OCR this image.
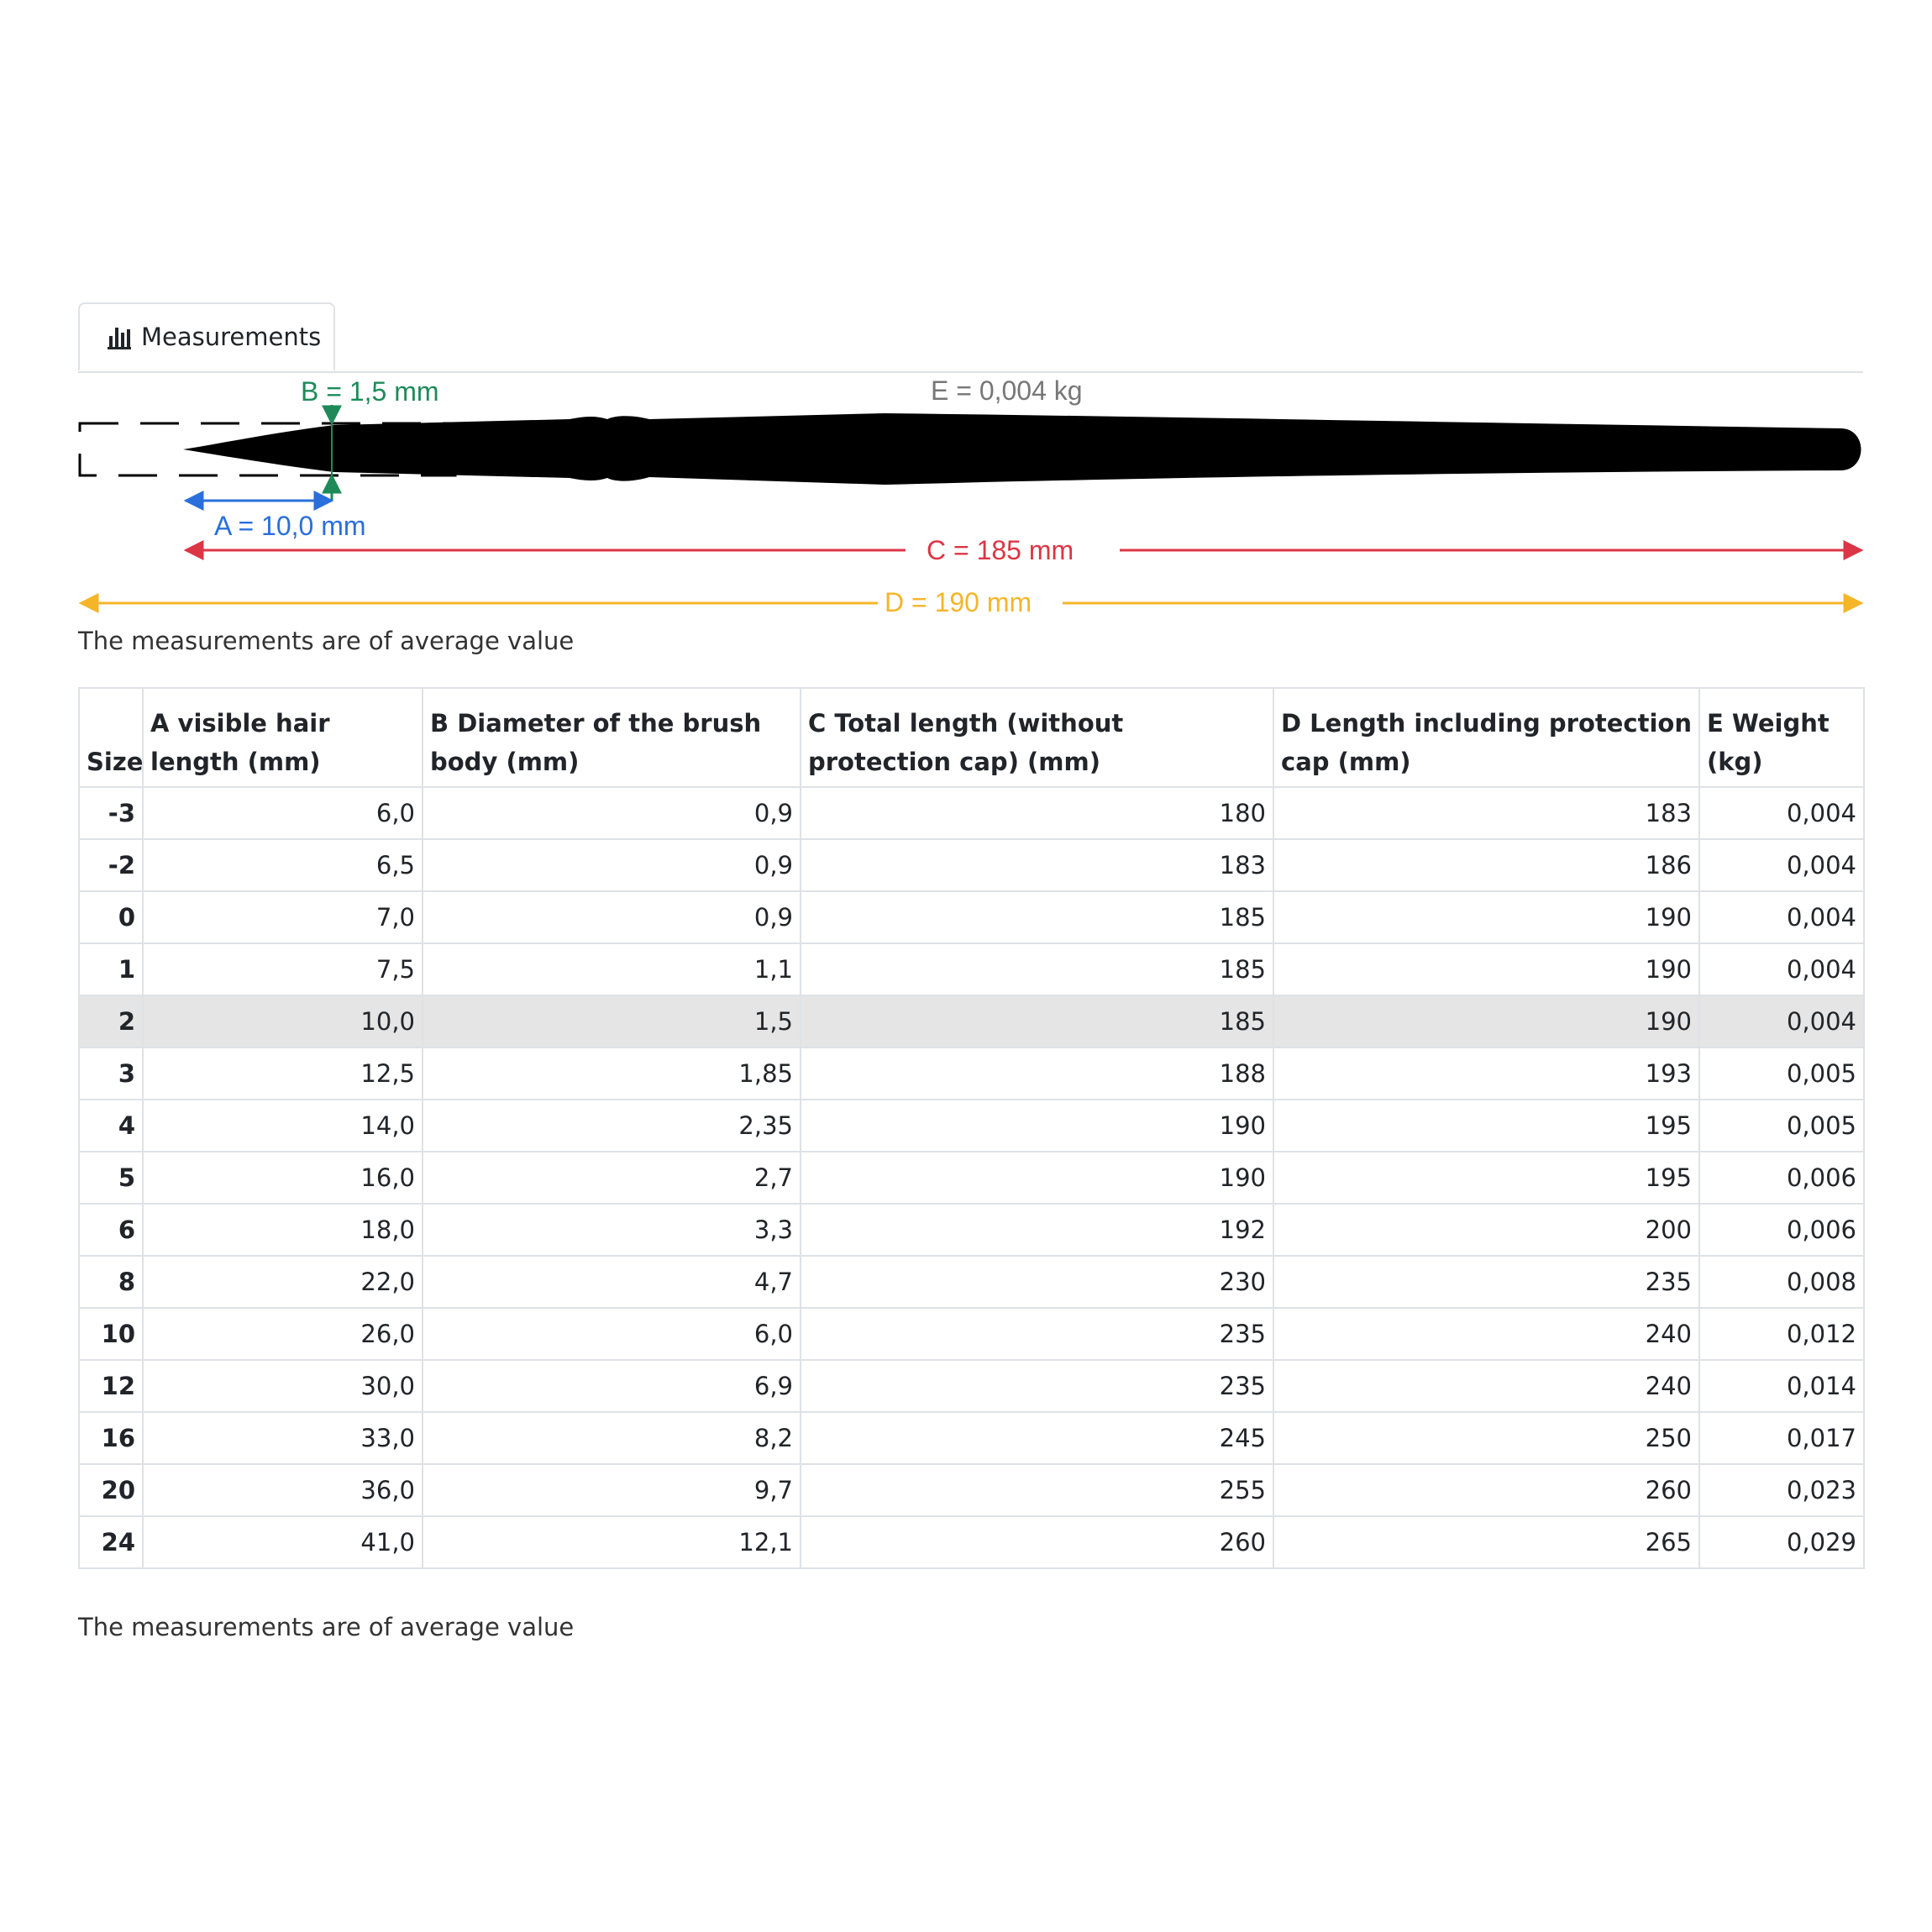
Measurements
B = 1,5 mm	E = 0,004 kg
A = 10,0 mm
C = 185 mm
D = 190 mm
The measurements are of average value
Size	A visible hair length (mm)	B Diameter of the brush body (mm)	C Total length (without protection cap) (mm)	D Length including protection cap (mm)	E Weight (kg)
-3	6,0	0,9	180	183	0,004
-2	6,5	0,9	183	186	0,004
0	7,0	0,9	185	190	0,004
1	7,5	1,1	185	190	0,004
2	10,0	1,5	185	190	0,004
3	12,5	1,85	188	193	0,005
4	14,0	2,35	190	195	0,005
5	16,0	2,7	190	195	0,006
6	18,0	3,3	192	200	0,006
8	22,0	4,7	230	235	0,008
10	26,0	6,0	235	240	0,012
12	30,0	6,9	235	240	0,014
16	33,0	8,2	245	250	0,017
20	36,0	9,7	255	260	0,023
24	41,0	12,1	260	265	0,029
The measurements are of average value
